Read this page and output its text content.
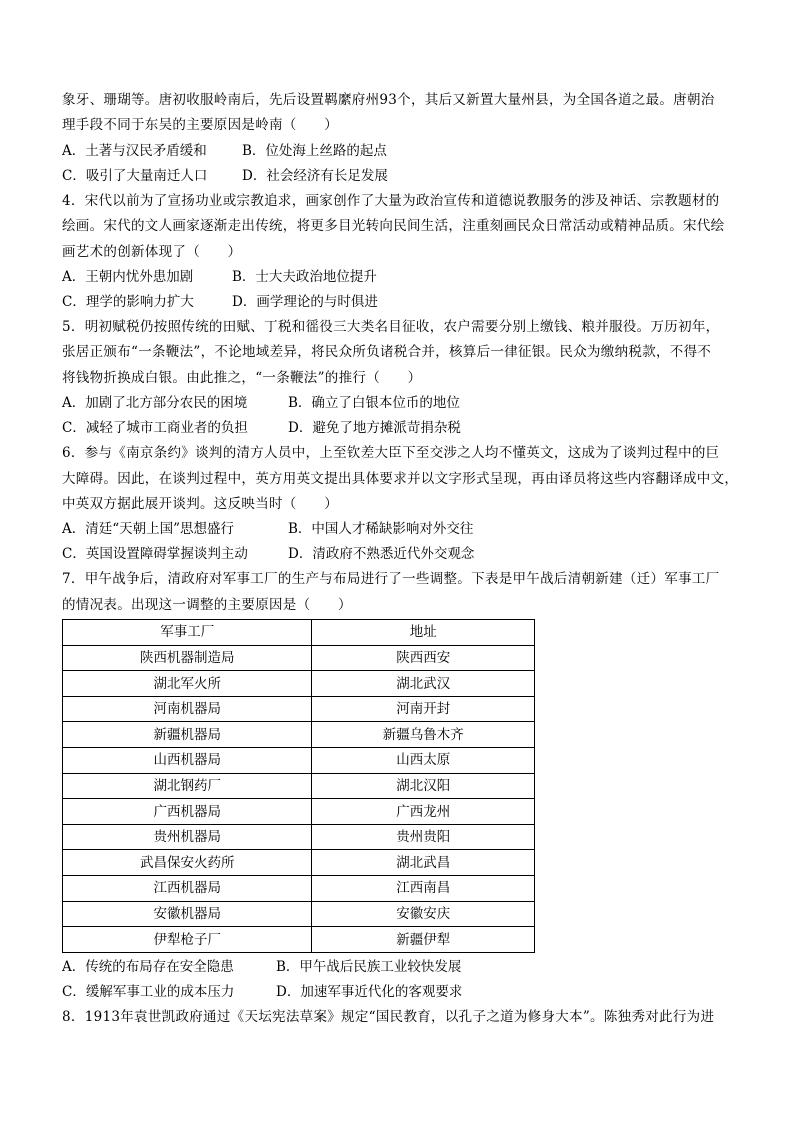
象牙、珊瑚等。唐初收服岭南后，先后设置羁縻府州93个，其后又新置大量州县，为全国各道之最。唐朝治
理手段不同于东吴的主要原因是岭南（　　）
A．土著与汉民矛盾缓和	B．位处海上丝路的起点
C．吸引了大量南迁人口	D．社会经济有长足发展
4．宋代以前为了宣扬功业或宗教追求，画家创作了大量为政治宣传和道德说教服务的涉及神话、宗教题材的
绘画。宋代的文人画家逐渐走出传统，将更多目光转向民间生活，注重刻画民众日常活动或精神品质。宋代绘
画艺术的创新体现了（　　）
A．王朝内忧外患加剧	B．士大夫政治地位提升
C．理学的影响力扩大	D．画学理论的与时俱进
5．明初赋税仍按照传统的田赋、丁税和徭役三大类名目征收，农户需要分别上缴钱、粮并服役。万历初年，
张居正颁布“一条鞭法”，不论地域差异，将民众所负诸税合并，核算后一律征银。民众为缴纳税款，不得不
将钱物折换成白银。由此推之，“一条鞭法”的推行（　　）
A．加剧了北方部分农民的困境	B．确立了白银本位币的地位
C．减轻了城市工商业者的负担	D．避免了地方摊派苛捐杂税
6．参与《南京条约》谈判的清方人员中，上至钦差大臣下至交涉之人均不懂英文，这成为了谈判过程中的巨
大障碍。因此，在谈判过程中，英方用英文提出具体要求并以文字形式呈现，再由译员将这些内容翻译成中文，
中英双方据此展开谈判。这反映当时（　　）
A．清廷“天朝上国”思想盛行	B．中国人才稀缺影响对外交往
C．英国设置障碍掌握谈判主动	D．清政府不熟悉近代外交观念
7．甲午战争后，清政府对军事工厂的生产与布局进行了一些调整。下表是甲午战后清朝新建（迁）军事工厂
的情况表。出现这一调整的主要原因是（　　）
军事工厂	地址
陕西机器制造局	陕西西安
湖北军火所	湖北武汉
河南机器局	河南开封
新疆机器局	新疆乌鲁木齐
山西机器局	山西太原
湖北钢药厂	湖北汉阳
广西机器局	广西龙州
贵州机器局	贵州贵阳
武昌保安火药所	湖北武昌
江西机器局	江西南昌
安徽机器局	安徽安庆
伊犁枪子厂	新疆伊犁
A．传统的布局存在安全隐患	B．甲午战后民族工业较快发展
C．缓解军事工业的成本压力	D．加速军事近代化的客观要求
8．1913年袁世凯政府通过《天坛宪法草案》规定“国民教育，以孔子之道为修身大本”。陈独秀对此行为进
